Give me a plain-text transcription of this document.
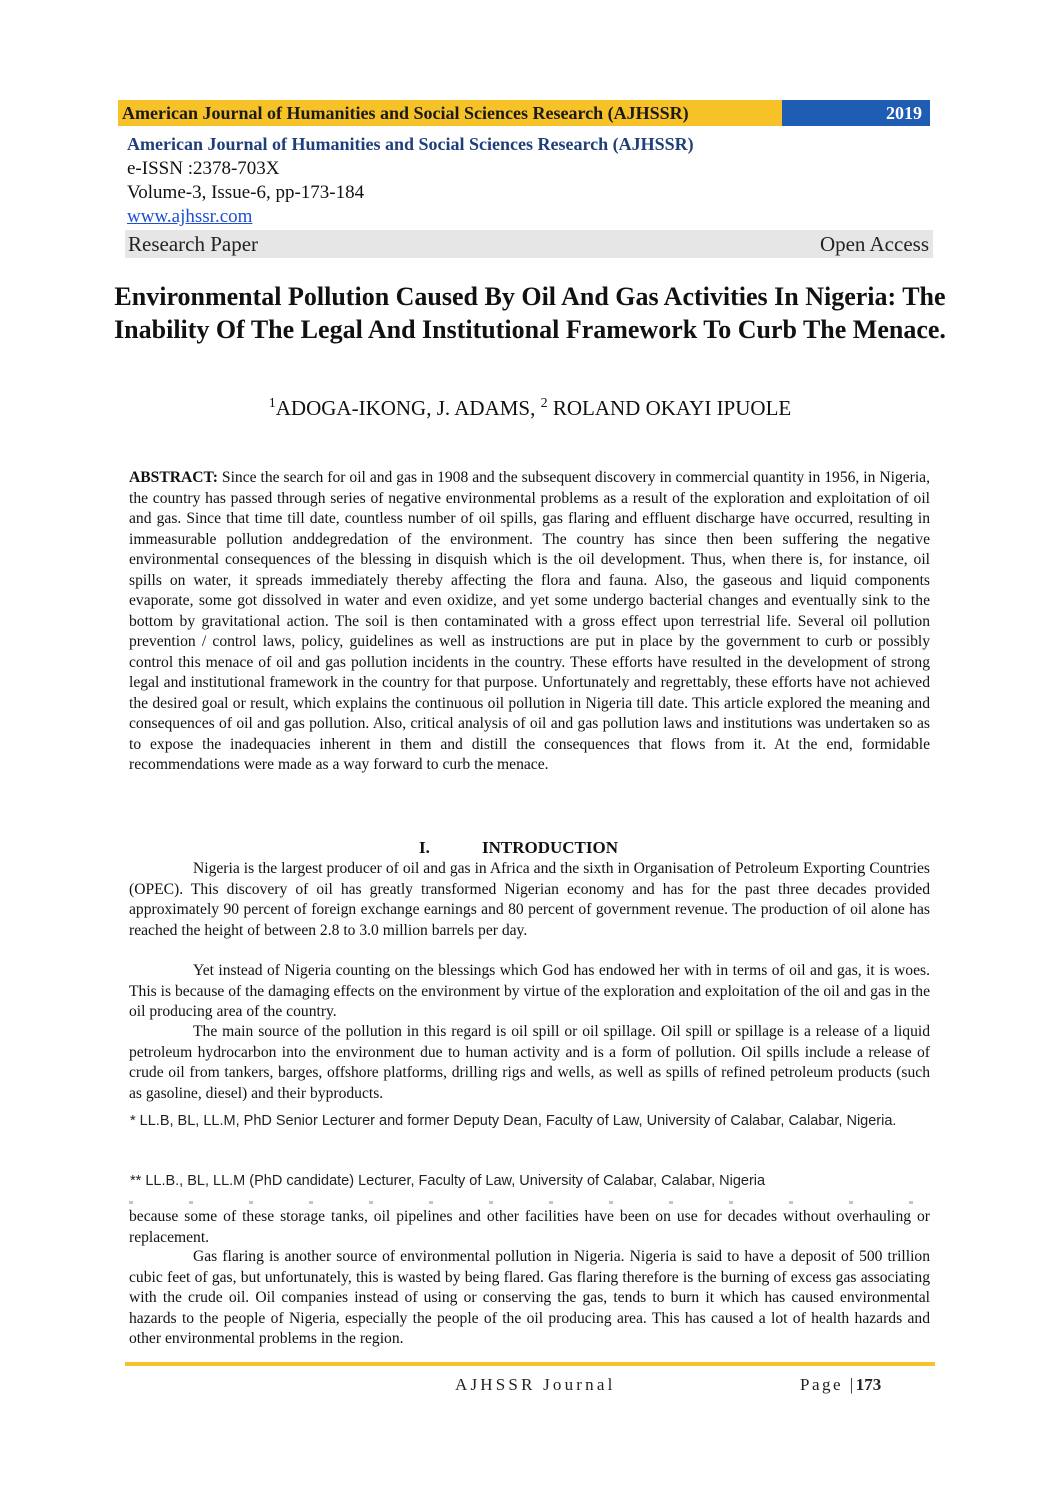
American Journal of Humanities and Social Sciences Research (AJHSSR)	2019
American Journal of Humanities and Social Sciences Research (AJHSSR)
e-ISSN :2378-703X
Volume-3, Issue-6, pp-173-184
www.ajhssr.com
Research Paper	Open Access
Environmental Pollution Caused By Oil And Gas Activities In Nigeria: The Inability Of The Legal And Institutional Framework To Curb The Menace.
$^1$ADOGA-IKONG, J. ADAMS, $^2$ ROLAND OKAYI IPUOLE
ABSTRACT: Since the search for oil and gas in 1908 and the subsequent discovery in commercial quantity in 1956, in Nigeria, the country has passed through series of negative environmental problems as a result of the exploration and exploitation of oil and gas. Since that time till date, countless number of oil spills, gas flaring and effluent discharge have occurred, resulting in immeasurable pollution anddegredation of the environment. The country has since then been suffering the negative environmental consequences of the blessing in disquish which is the oil development. Thus, when there is, for instance, oil spills on water, it spreads immediately thereby affecting the flora and fauna. Also, the gaseous and liquid components evaporate, some got dissolved in water and even oxidize, and yet some undergo bacterial changes and eventually sink to the bottom by gravitational action. The soil is then contaminated with a gross effect upon terrestrial life. Several oil pollution prevention / control laws, policy, guidelines as well as instructions are put in place by the government to curb or possibly control this menace of oil and gas pollution incidents in the country. These efforts have resulted in the development of strong legal and institutional framework in the country for that purpose. Unfortunately and regrettably, these efforts have not achieved the desired goal or result, which explains the continuous oil pollution in Nigeria till date. This article explored the meaning and consequences of oil and gas pollution. Also, critical analysis of oil and gas pollution laws and institutions was undertaken so as to expose the inadequacies inherent in them and distill the consequences that flows from it. At the end, formidable recommendations were made as a way forward to curb the menace.
I.	INTRODUCTION
Nigeria is the largest producer of oil and gas in Africa and the sixth in Organisation of Petroleum Exporting Countries (OPEC). This discovery of oil has greatly transformed Nigerian economy and has for the past three decades provided approximately 90 percent of foreign exchange earnings and 80 percent of government revenue. The production of oil alone has reached the height of between 2.8 to 3.0 million barrels per day.
Yet instead of Nigeria counting on the blessings which God has endowed her with in terms of oil and gas, it is woes. This is because of the damaging effects on the environment by virtue of the exploration and exploitation of the oil and gas in the oil producing area of the country.
The main source of the pollution in this regard is oil spill or oil spillage. Oil spill or spillage is a release of a liquid petroleum hydrocarbon into the environment due to human activity and is a form of pollution. Oil spills include a release of crude oil from tankers, barges, offshore platforms, drilling rigs and wells, as well as spills of refined petroleum products (such as gasoline, diesel) and their byproducts.
* LL.B, BL, LL.M, PhD Senior Lecturer and former Deputy Dean, Faculty of Law, University of Calabar, Calabar, Nigeria.
** LL.B., BL, LL.M (PhD candidate) Lecturer, Faculty of Law, University of Calabar, Calabar, Nigeria
because some of these storage tanks, oil pipelines and other facilities have been on use for decades without overhauling or replacement.
Gas flaring is another source of environmental pollution in Nigeria. Nigeria is said to have a deposit of 500 trillion cubic feet of gas, but unfortunately, this is wasted by being flared. Gas flaring therefore is the burning of excess gas associating with the crude oil. Oil companies instead of using or conserving the gas, tends to burn it which has caused environmental hazards to the people of Nigeria, especially the people of the oil producing area. This has caused a lot of health hazards and other environmental problems in the region.
AJHSSR Journal	Page |173
